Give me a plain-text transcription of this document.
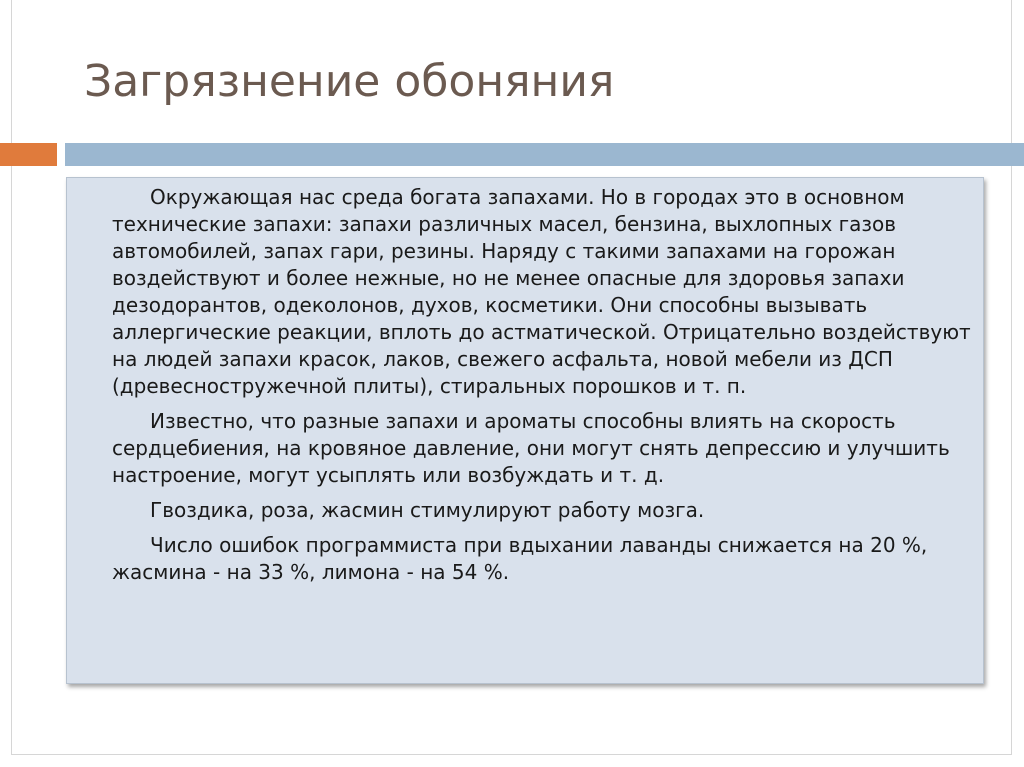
Загрязнение обоняния

Окружающая нас среда богата запахами. Но в городах это в основном технические запахи: запахи различных масел, бензина, выхлопных газов автомобилей, запах гари, резины. Наряду с такими запахами на горожан воздействуют и более нежные, но не менее опасные для здоровья запахи дезодорантов, одеколонов, духов, косметики. Они способны вызывать аллергические реакции, вплоть до астматической. Отрицательно воздействуют на людей запахи красок, лаков, свежего асфальта, новой мебели из ДСП (древесностружечной плиты), стиральных порошков и т. п.

Известно, что разные запахи и ароматы способны влиять на скорость сердцебиения, на кровяное давление, они могут снять депрессию и улучшить настроение, могут усыплять или возбуждать и т. д.

Гвоздика, роза, жасмин стимулируют работу мозга.

Число ошибок программиста при вдыхании лаванды снижается на 20 %, жасмина - на 33 %, лимона - на 54 %.
